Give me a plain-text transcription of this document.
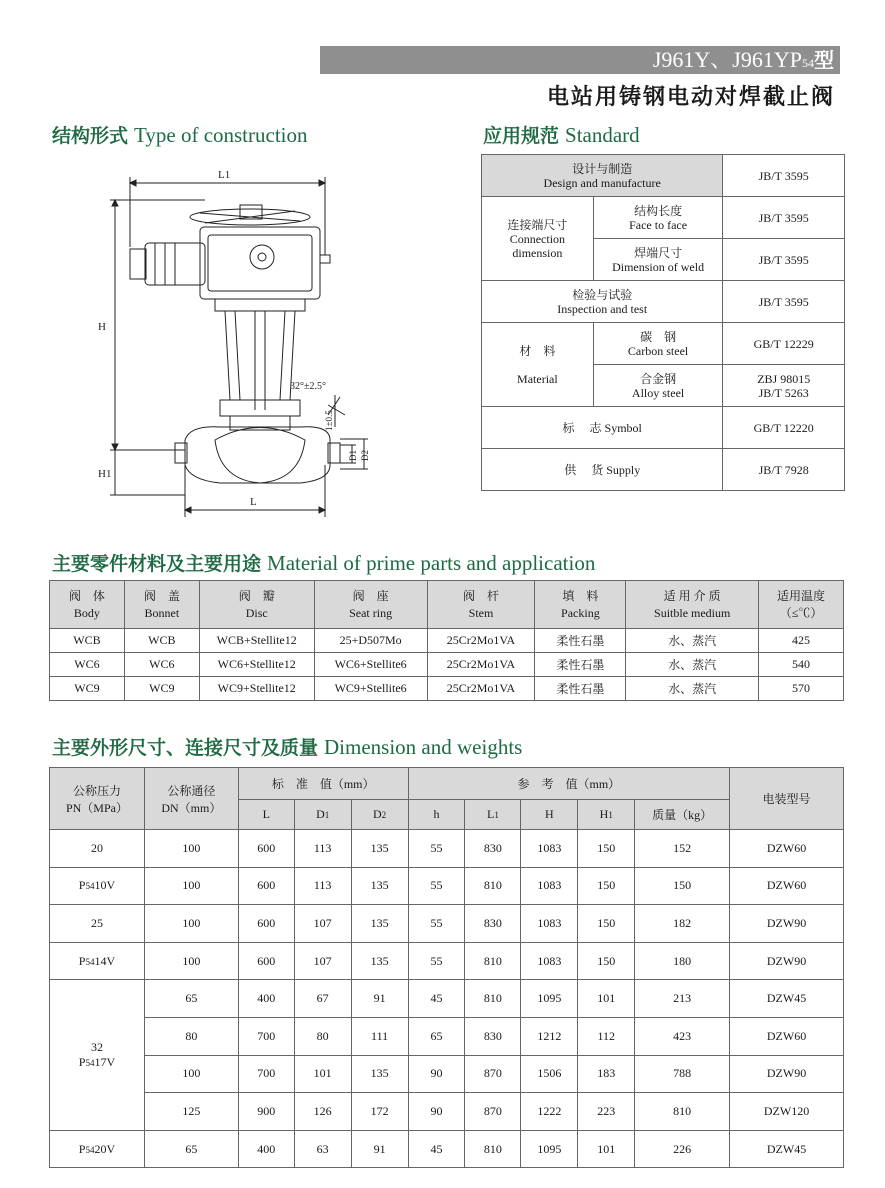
J961Y、J961YP54型
电站用铸钢电动对焊截止阀
结构形式 Type of construction	应用规范 Standard
主要零件材料及主要用途 Material of prime parts and application
主要外形尺寸、连接尺寸及质量 Dimension and weights
L1
H
H1
L
32°±2.5°
1±0.5
D1 D2
设计与制造
Design and manufacture		JB/T 3595
连接端尺寸
Connection
dimension	结构长度
Face to face	JB/T 3595
	焊端尺寸
Dimension of weld	JB/T 3595
检验与试验
Inspection and test		JB/T 3595
材　料

Material	碳　钢
Carbon steel	GB/T 12229
	合金钢
Alloy steel	ZBJ 98015
JB/T 5263
标　 志 Symbol		GB/T 12220
供　 货 Supply		JB/T 7928
阀　体
Body	阀　盖
Bonnet	阀　瓣
Disc	阀　座
Seat ring	阀　杆
Stem	填　料
Packing	适 用 介 质
Suitble medium	适用温度
（≤℃）
WCB	WCB	WCB+Stellite12	25+D507Mo	25Cr2Mo1VA	柔性石墨	水、蒸汽	425
WC6	WC6	WC6+Stellite12	WC6+Stellite6	25Cr2Mo1VA	柔性石墨	水、蒸汽	540
WC9	WC9	WC9+Stellite12	WC9+Stellite6	25Cr2Mo1VA	柔性石墨	水、蒸汽	570
公称压力
PN（MPa）	公称通径
DN（mm）	标　准　值（mm）			参　考　值（mm）					电装型号
		L	D1	D2	h	L1	H	H1	质量（kg）	
20	100	600	113	135	55	830	1083	150	152	DZW60
P5410V	100	600	113	135	55	810	1083	150	150	DZW60
25	100	600	107	135	55	830	1083	150	182	DZW90
P5414V	100	600	107	135	55	810	1083	150	180	DZW90
32
P5417V	65	400	67	91	45	810	1095	101	213	DZW45
	80	700	80	111	65	830	1212	112	423	DZW60
	100	700	101	135	90	870	1506	183	788	DZW90
	125	900	126	172	90	870	1222	223	810	DZW120
P5420V	65	400	63	91	45	810	1095	101	226	DZW45
